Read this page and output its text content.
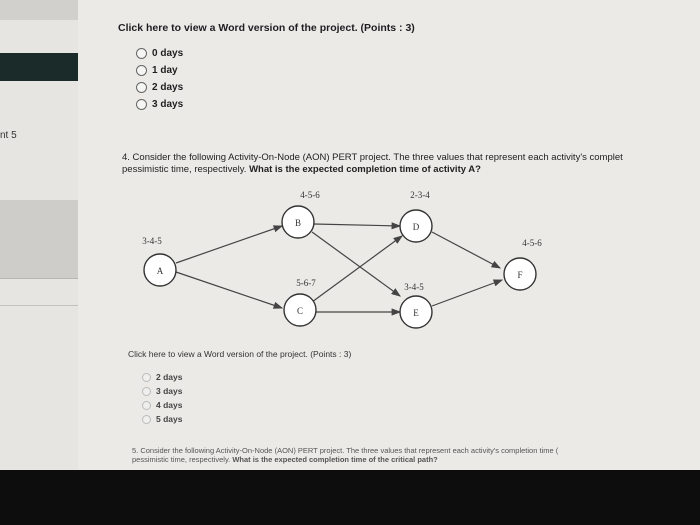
nt 5
Click here to view a Word version of the project. (Points : 3)
0 days
1 day
2 days
3 days
4. Consider the following Activity-On-Node (AON) PERT project. The three values that represent each activity's complet
pessimistic time, respectively. What is the expected completion time of activity A?
A
3-4-5
B
4-5-6
C
5-6-7
D
2-3-4
E
3-4-5
F
4-5-6
Click here to view a Word version of the project. (Points : 3)
2 days
3 days
4 days
5 days
5. Consider the following Activity-On-Node (AON) PERT project. The three values that represent each activity's completion time (
pessimistic time, respectively. What is the expected completion time of the critical path?
